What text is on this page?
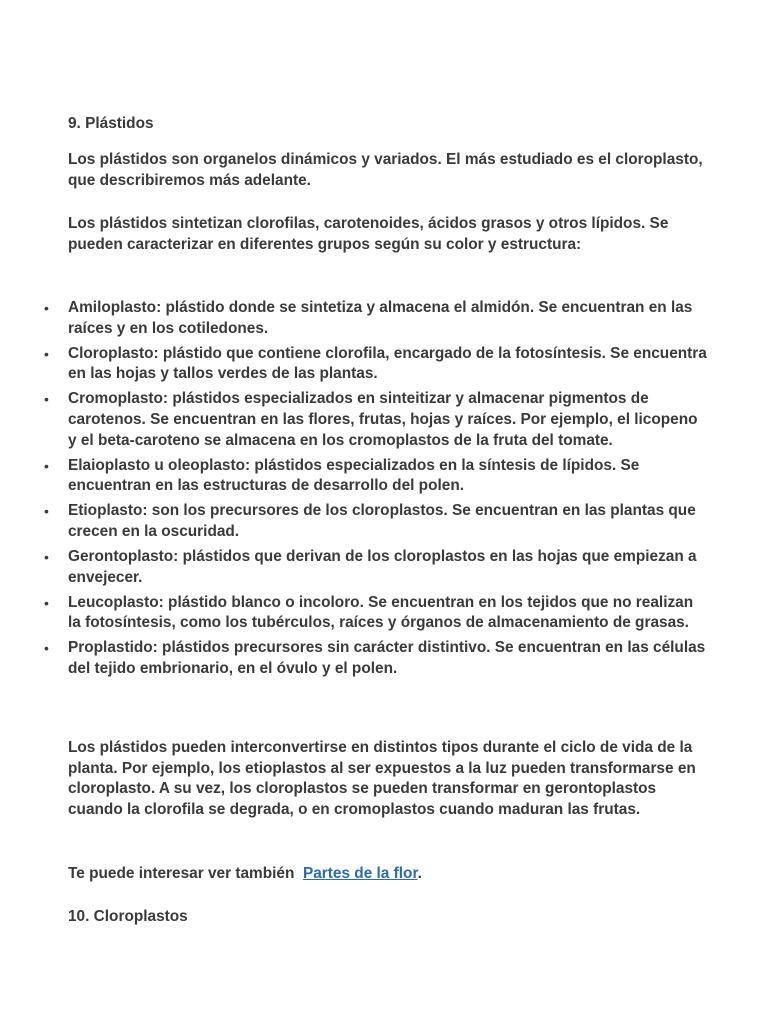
9. Plástidos

Los plástidos son organelos dinámicos y variados. El más estudiado es el cloroplasto, que describiremos más adelante.

Los plástidos sintetizan clorofilas, carotenoides, ácidos grasos y otros lípidos. Se pueden caracterizar en diferentes grupos según su color y estructura:

• Amiloplasto: plástido donde se sintetiza y almacena el almidón. Se encuentran en las raíces y en los cotiledones.
• Cloroplasto: plástido que contiene clorofila, encargado de la fotosíntesis. Se encuentra en las hojas y tallos verdes de las plantas.
• Cromoplasto: plástidos especializados en sinteitizar y almacenar pigmentos de carotenos. Se encuentran en las flores, frutas, hojas y raíces. Por ejemplo, el licopeno y el beta-caroteno se almacena en los cromoplastos de la fruta del tomate.
• Elaioplasto u oleoplasto: plástidos especializados en la síntesis de lípidos. Se encuentran en las estructuras de desarrollo del polen.
• Etioplasto: son los precursores de los cloroplastos. Se encuentran en las plantas que crecen en la oscuridad.
• Gerontoplasto: plástidos que derivan de los cloroplastos en las hojas que empiezan a envejecer.
• Leucoplasto: plástido blanco o incoloro. Se encuentran en los tejidos que no realizan la fotosíntesis, como los tubérculos, raíces y órganos de almacenamiento de grasas.
• Proplastido: plástidos precursores sin carácter distintivo. Se encuentran en las células del tejido embrionario, en el óvulo y el polen.

Los plástidos pueden interconvertirse en distintos tipos durante el ciclo de vida de la planta. Por ejemplo, los etioplastos al ser expuestos a la luz pueden transformarse en cloroplasto. A su vez, los cloroplastos se pueden transformar en gerontoplastos cuando la clorofila se degrada, o en cromoplastos cuando maduran las frutas.

Te puede interesar ver también Partes de la flor.

10. Cloroplastos
